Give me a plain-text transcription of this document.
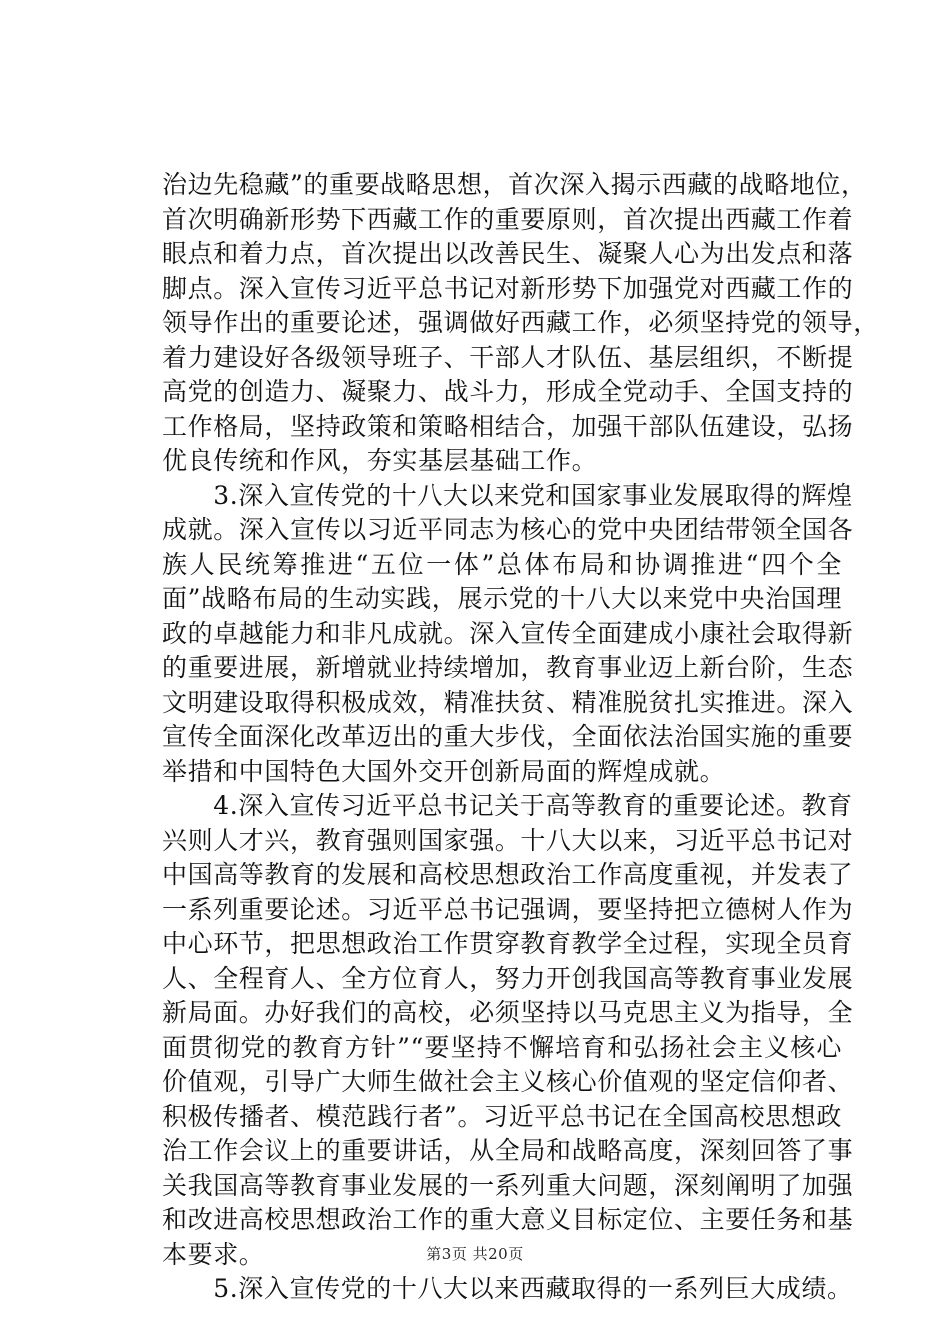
治边先稳藏”的重要战略思想，首次深入揭示西藏的战略地位，
首次明确新形势下西藏工作的重要原则，首次提出西藏工作着
眼点和着力点，首次提出以改善民生、凝聚人心为出发点和落
脚点。深入宣传习近平总书记对新形势下加强党对西藏工作的
领导作出的重要论述，强调做好西藏工作，必须坚持党的领导，
着力建设好各级领导班子、干部人才队伍、基层组织，不断提
高党的创造力、凝聚力、战斗力，形成全党动手、全国支持的
工作格局，坚持政策和策略相结合，加强干部队伍建设，弘扬
优良传统和作风，夯实基层基础工作。
　　3.深入宣传党的十八大以来党和国家事业发展取得的辉煌
成就。深入宣传以习近平同志为核心的党中央团结带领全国各
族人民统筹推进“五位一体”总体布局和协调推进“四个全
面”战略布局的生动实践，展示党的十八大以来党中央治国理
政的卓越能力和非凡成就。深入宣传全面建成小康社会取得新
的重要进展，新增就业持续增加，教育事业迈上新台阶，生态
文明建设取得积极成效，精准扶贫、精准脱贫扎实推进。深入
宣传全面深化改革迈出的重大步伐，全面依法治国实施的重要
举措和中国特色大国外交开创新局面的辉煌成就。
　　4.深入宣传习近平总书记关于高等教育的重要论述。教育
兴则人才兴，教育强则国家强。十八大以来，习近平总书记对
中国高等教育的发展和高校思想政治工作高度重视，并发表了
一系列重要论述。习近平总书记强调，要坚持把立德树人作为
中心环节，把思想政治工作贯穿教育教学全过程，实现全员育
人、全程育人、全方位育人，努力开创我国高等教育事业发展
新局面。办好我们的高校，必须坚持以马克思主义为指导，全
面贯彻党的教育方针”“要坚持不懈培育和弘扬社会主义核心
价值观，引导广大师生做社会主义核心价值观的坚定信仰者、
积极传播者、模范践行者”。习近平总书记在全国高校思想政
治工作会议上的重要讲话，从全局和战略高度，深刻回答了事
关我国高等教育事业发展的一系列重大问题，深刻阐明了加强
和改进高校思想政治工作的重大意义目标定位、主要任务和基
本要求。
　　5.深入宣传党的十八大以来西藏取得的一系列巨大成绩。
第3页 共20页
